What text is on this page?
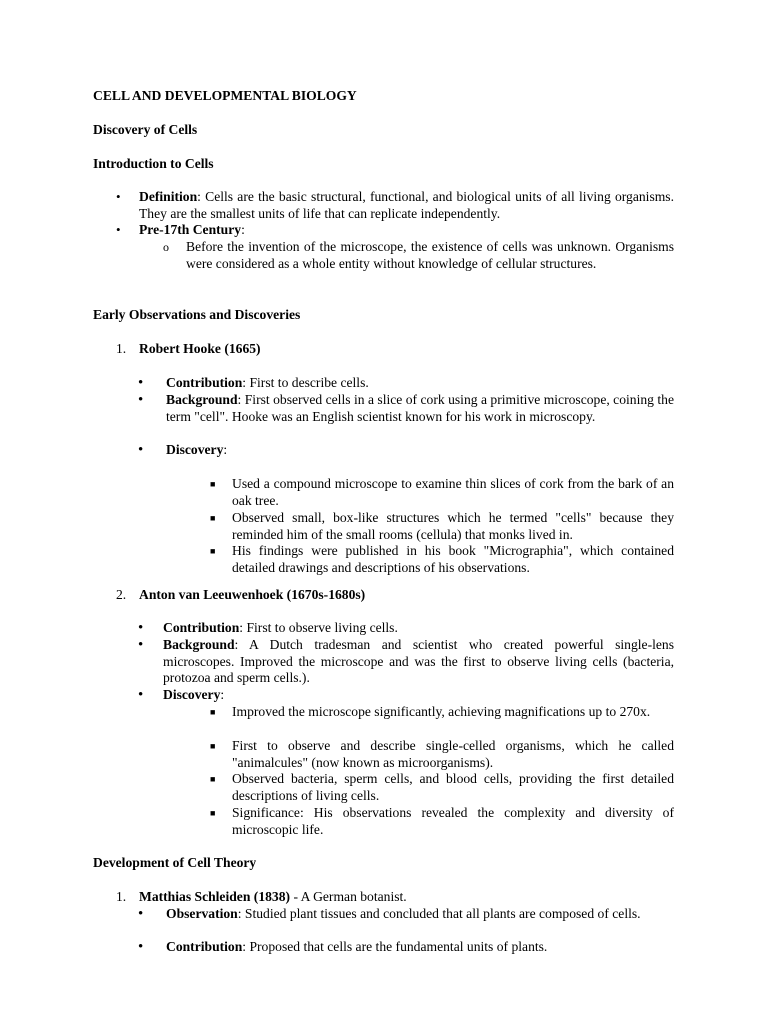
CELL AND DEVELOPMENTAL BIOLOGY
Discovery of Cells
Introduction to Cells
• Definition: Cells are the basic structural, functional, and biological units of all living organisms. They are the smallest units of life that can replicate independently.
• Pre-17th Century:
o Before the invention of the microscope, the existence of cells was unknown. Organisms were considered as a whole entity without knowledge of cellular structures.
Early Observations and Discoveries
1. Robert Hooke (1665)
• Contribution: First to describe cells.
• Background: First observed cells in a slice of cork using a primitive microscope, coining the term "cell". Hooke was an English scientist known for his work in microscopy.
• Discovery:
■ Used a compound microscope to examine thin slices of cork from the bark of an oak tree.
■ Observed small, box-like structures which he termed "cells" because they reminded him of the small rooms (cellula) that monks lived in.
■ His findings were published in his book "Micrographia", which contained detailed drawings and descriptions of his observations.
2. Anton van Leeuwenhoek (1670s-1680s)
• Contribution: First to observe living cells.
• Background: A Dutch tradesman and scientist who created powerful single-lens microscopes. Improved the microscope and was the first to observe living cells (bacteria, protozoa and sperm cells.).
• Discovery:
■ Improved the microscope significantly, achieving magnifications up to 270x.
■ First to observe and describe single-celled organisms, which he called "animalcules" (now known as microorganisms).
■ Observed bacteria, sperm cells, and blood cells, providing the first detailed descriptions of living cells.
■ Significance: His observations revealed the complexity and diversity of microscopic life.
Development of Cell Theory
1. Matthias Schleiden (1838) - A German botanist.
• Observation: Studied plant tissues and concluded that all plants are composed of cells.
• Contribution: Proposed that cells are the fundamental units of plants.
